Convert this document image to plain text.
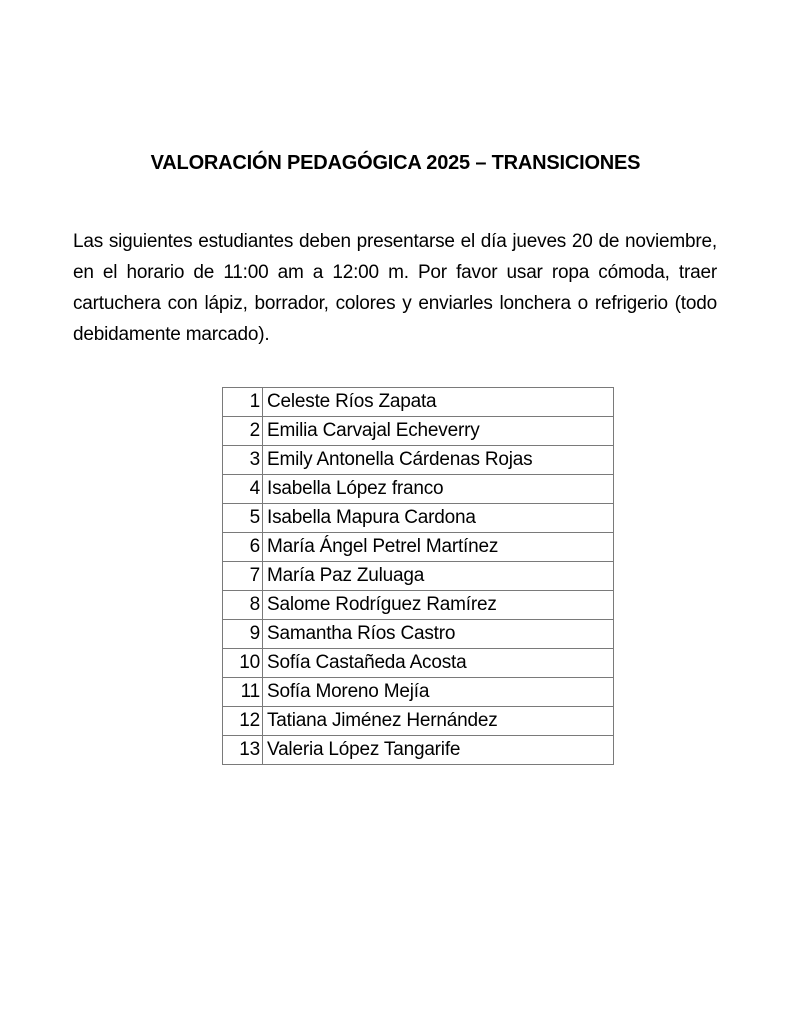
VALORACIÓN PEDAGÓGICA 2025 – TRANSICIONES

Las siguientes estudiantes deben presentarse el día jueves 20 de noviembre, en el horario de 11:00 am a 12:00 m. Por favor usar ropa cómoda, traer cartuchera con lápiz, borrador, colores y enviarles lonchera o refrigerio (todo debidamente marcado).

1	Celeste Ríos Zapata
2	Emilia Carvajal Echeverry
3	Emily Antonella Cárdenas Rojas
4	Isabella López franco
5	Isabella Mapura Cardona
6	María Ángel Petrel Martínez
7	María Paz Zuluaga
8	Salome Rodríguez Ramírez
9	Samantha Ríos Castro
10	Sofía Castañeda Acosta
11	Sofía Moreno Mejía
12	Tatiana Jiménez Hernández
13	Valeria López Tangarife
